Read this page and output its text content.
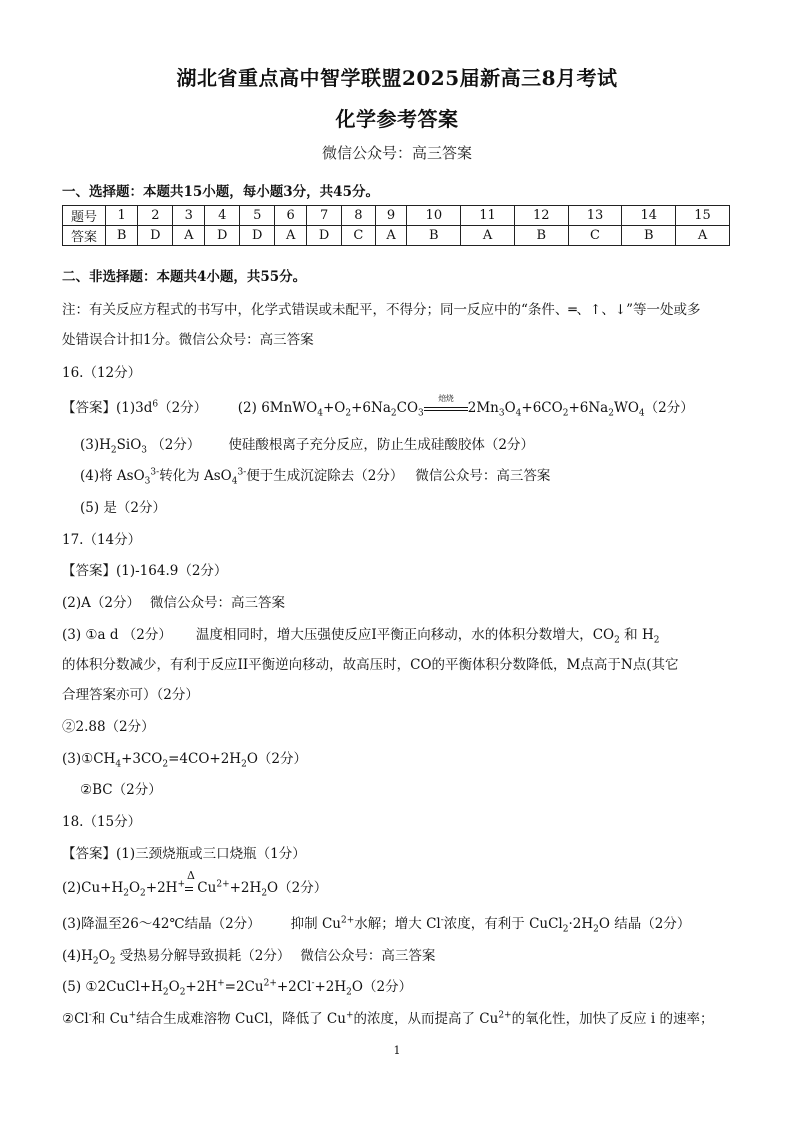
湖北省重点高中智学联盟2025届新高三8月考试
化学参考答案
微信公众号：高三答案
一、选择题：本题共15小题，每小题3分，共45分。
题号	1	2	3	4	5	6	7	8	9	10	11	12	13	14	15
答案	B	D	A	D	D	A	D	C	A	B	A	B	C	B	A
二、非选择题：本题共4小题，共55分。
注：有关反应方程式的书写中，化学式错误或未配平，不得分；同一反应中的“条件、═、↑、↓”等一处或多
处错误合计扣1分。微信公众号：高三答案
16.（12分）
【答案】$(1)3d^6(2$分） (2) $6MnWO_4+O_2+6Na_2CO_3$
焙烧
$2Mn_3O_4+6CO_2+6Na_2WO_4(2$分）
$(3)H_2SiO_3$ （2分） 使硅酸根离子充分反应，防止生成硅酸胶体（2分）
(4)将 AsO$_3^{3-}$转化为 AsO$_4^{3-}$便于生成沉淀除去（2分） 微信公众号：高三答案
(5) 是（2分）
17.（14分）
【答案】(1)-164.9（2分）
(2)A（2分） 微信公众号：高三答案
(3) ①a d （2分） 温度相同时，增大压强使反应I平衡正向移动，水的体积分数增大，$CO_2$ 和 $H_2$
的体积分数减少，有利于反应II平衡逆向移动，故高压时，CO的平衡体积分数降低，M点高于N点(其它
合理答案亦可）（2分）
②2.88（2分）
$(3)①CH_4+3CO_2=4CO+2H_2O(2$分）
②BC（2分）
18.（15分）
【答案】(1)三颈烧瓶或三口烧瓶（1分）
$(2)Cu+H_2O_2+2H^+$
Δ
$Cu^{2+}+2H_2O(2$分）
(3)降温至26～42℃结晶（2分） 抑制 $Cu^{2+}$水解；增大 Cl-浓度，有利于 $CuCl_2\cdot 2H_2O$ 结晶（2分）
$(4)H_2O_2$ 受热易分解导致损耗（2分） 微信公众号：高三答案
(5) $①2CuCl+H_2O_2+2H^+=2Cu^{2+}+2Cl^-+2H_2O(2$分）
②Cl-和 Cu+结合生成难溶物 CuCl，降低了 Cu+的浓度，从而提高了 $Cu^{2+}$的氧化性，加快了反应 i 的速率；
1
